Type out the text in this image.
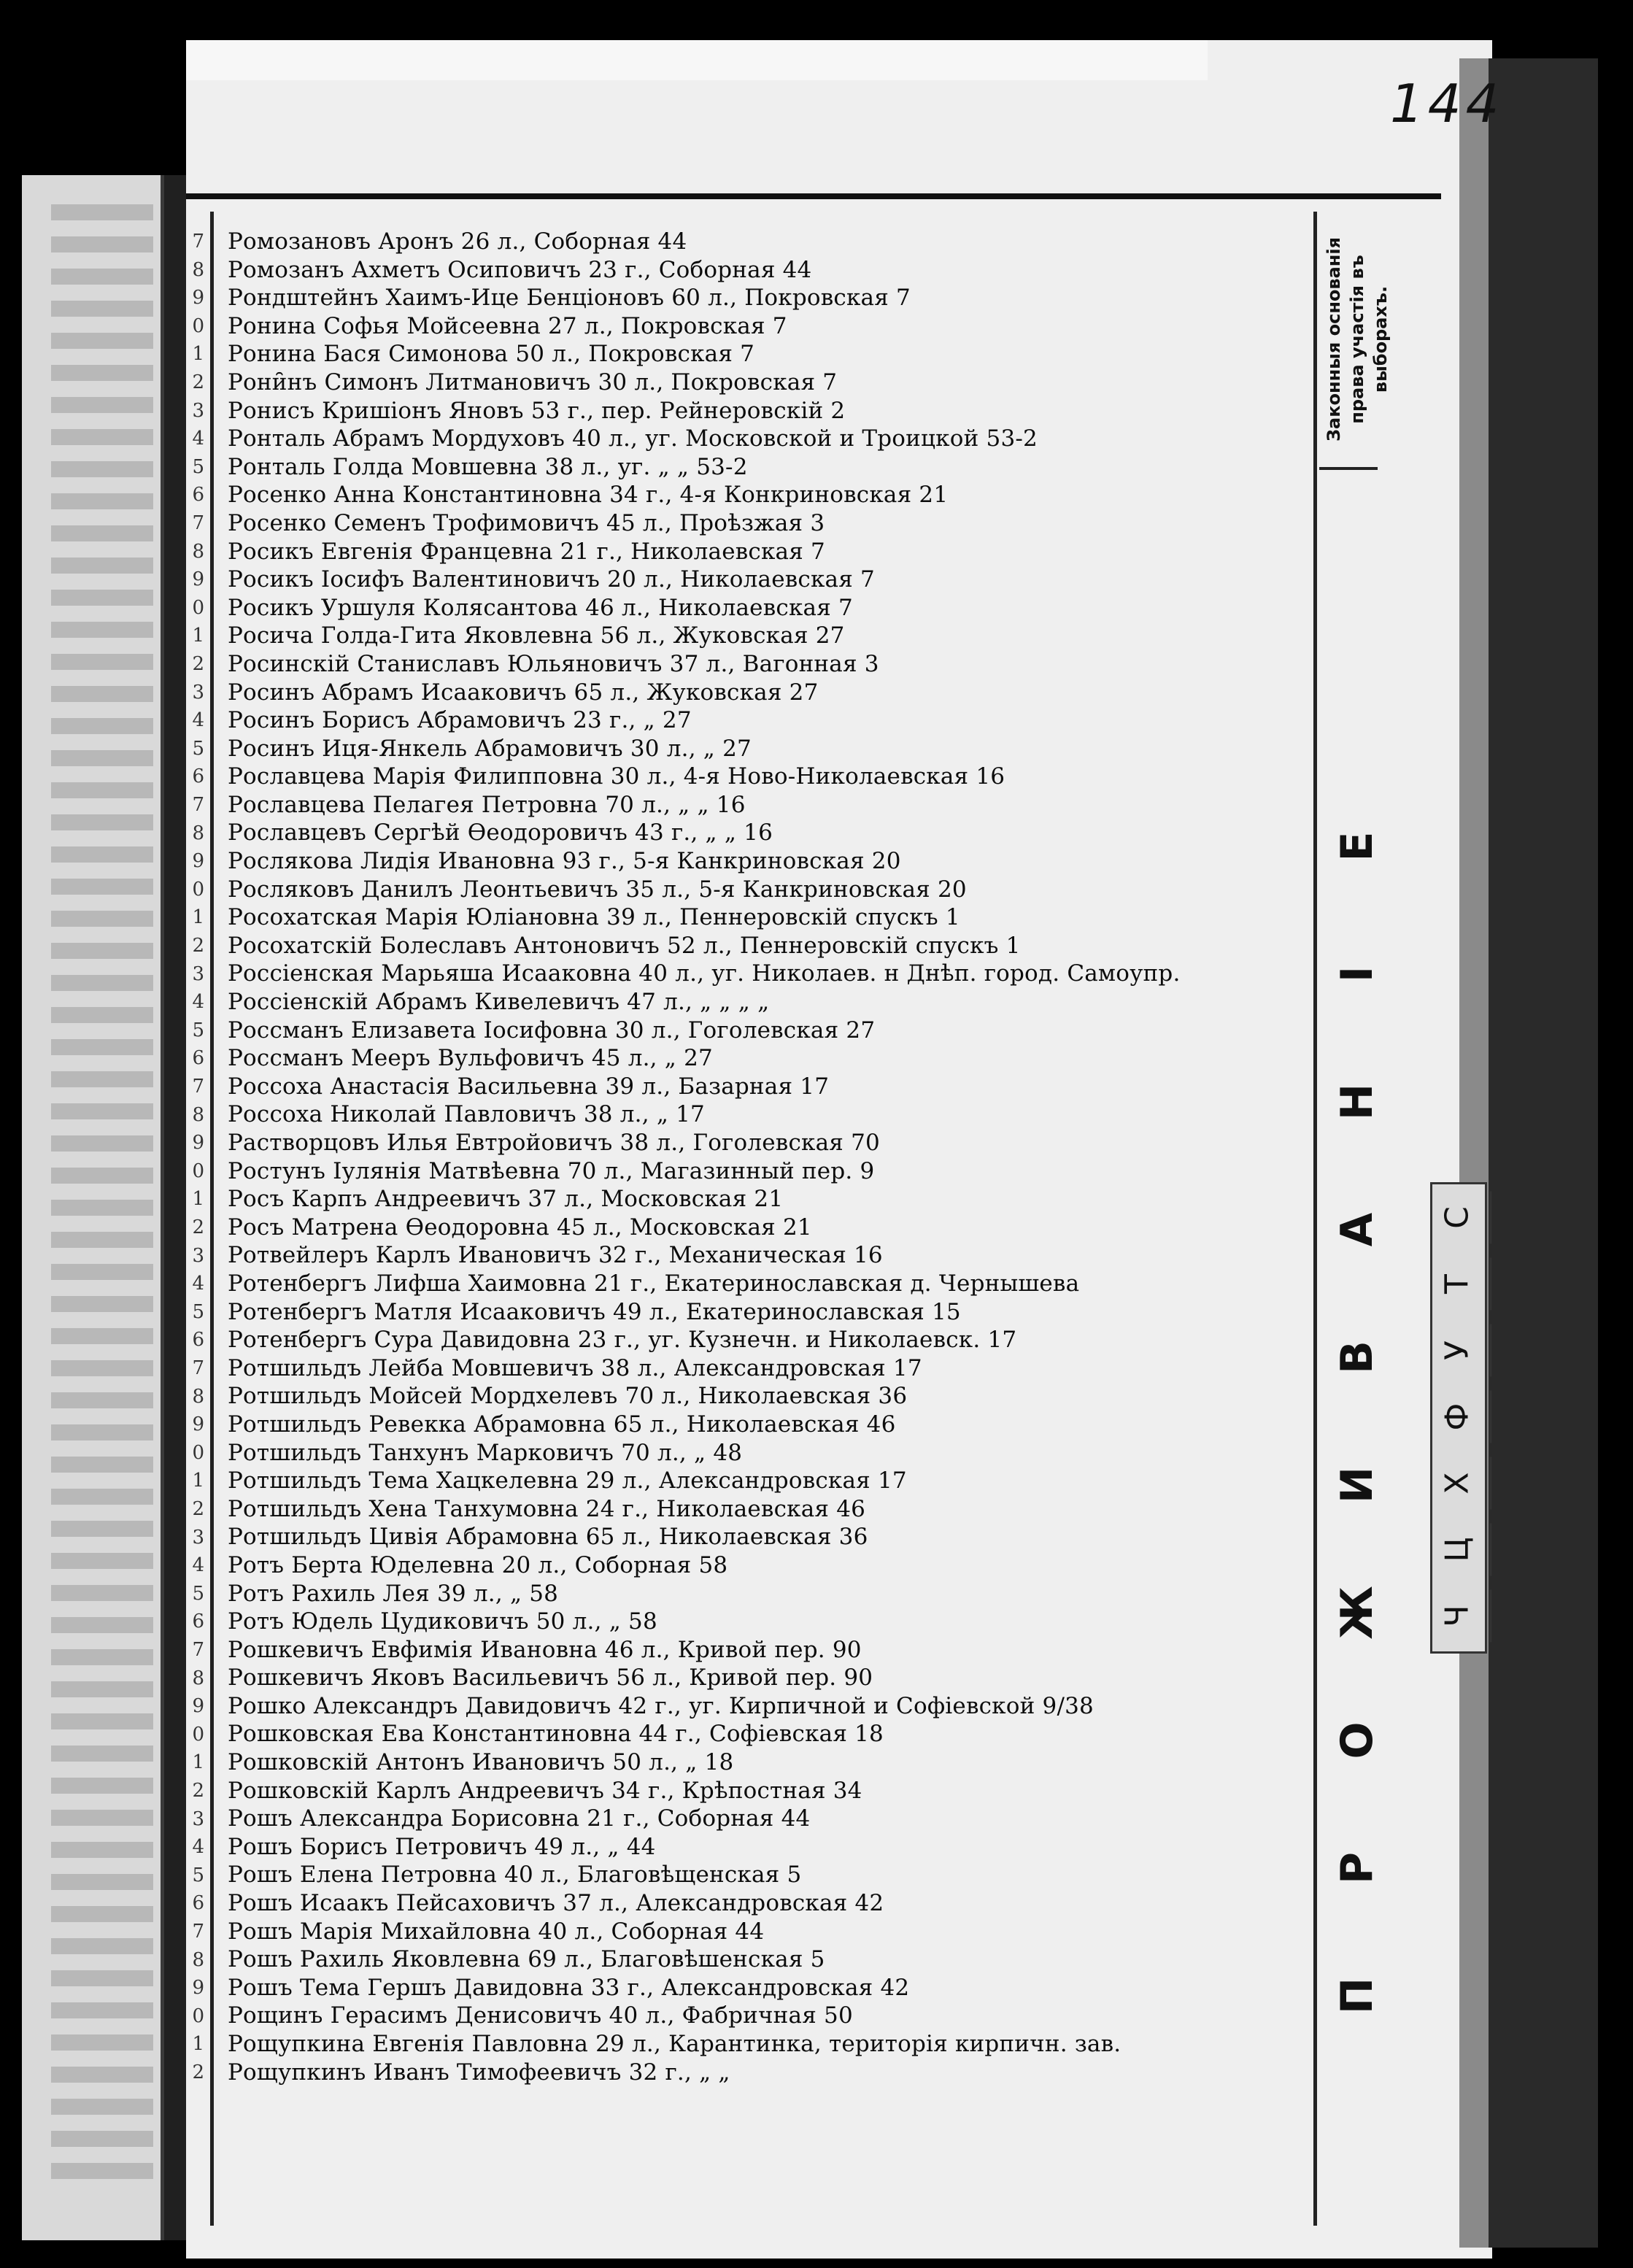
144
7
8
9
0
1
2
3
4
5
6
7
8
9
0
1
2
3
4
5
6
7
8
9
0
1
2
3
4
5
6
7
8
9
0
1
2
3
4
5
6
7
8
9
0
1
2
3
4
5
6
7
8
9
0
1
2
3
4
5
6
7
8
9
0
1
2
Ромозановъ Аронъ 26 л., Соборная 44
Ромозанъ Ахметъ Осиповичъ 23 г., Соборная 44
Рондштейнъ Хаимъ-Ице Бенціоновъ 60 л., Покровская 7
Ронина Софья Мойсеевна 27 л., Покровская 7
Ронина Бася Симонова 50 л., Покровская 7
Рони̑нъ Симонъ Литмановичъ 30 л., Покровская 7
Ронисъ Кришіонъ Яновъ 53 г., пер. Рейнеровскій 2
Ронталь Абрамъ Мордуховъ 40 л., уг. Московской и Троицкой 53-2
Ронталь Голда Мовшевна 38 л., уг. „ „ 53-2
Росенко Анна Константиновна 34 г., 4-я Конкриновская 21
Росенко Семенъ Трофимовичъ 45 л., Проѣзжая 3
Росикъ Евгенія Францевна 21 г., Николаевская 7
Росикъ Іосифъ Валентиновичъ 20 л., Николаевская 7
Росикъ Уршуля Колясантова 46 л., Николаевская 7
Росича Голда-Гита Яковлевна 56 л., Жуковская 27
Росинскій Станиславъ Юльяновичъ 37 л., Вагонная 3
Росинъ Абрамъ Исааковичъ 65 л., Жуковская 27
Росинъ Борисъ Абрамовичъ 23 г., „ 27
Росинъ Иця-Янкель Абрамовичъ 30 л., „ 27
Рославцева Марія Филипповна 30 л., 4-я Ново-Николаевская 16
Рославцева Пелагея Петровна 70 л., „ „ 16
Рославцевъ Сергѣй Ѳеодоровичъ 43 г., „ „ 16
Рослякова Лидія Ивановна 93 г., 5-я Канкриновская 20
Росляковъ Данилъ Леонтьевичъ 35 л., 5-я Канкриновская 20
Росохатская Марія Юліановна 39 л., Пеннеровскій спускъ 1
Росохатскій Болеславъ Антоновичъ 52 л., Пеннеровскій спускъ 1
Россіенская Марьяша Исааковна 40 л., уг. Николаев. н Днѣп. город. Самоупр.
Россіенскій Абрамъ Кивелевичъ 47 л., „ „ „ „
Россманъ Елизавета Іосифовна 30 л., Гоголевская 27
Россманъ Мееръ Вульфовичъ 45 л., „ 27
Россоха Анастасія Васильевна 39 л., Базарная 17
Россоха Николай Павловичъ 38 л., „ 17
Растворцовъ Илья Евтройовичъ 38 л., Гоголевская 70
Ростунъ Іулянія Матвѣевна 70 л., Магазинный пер. 9
Росъ Карпъ Андреевичъ 37 л., Московская 21
Росъ Матрена Ѳеодоровна 45 л., Московская 21
Ротвейлеръ Карлъ Ивановичъ 32 г., Механическая 16
Ротенбергъ Лифша Хаимовна 21 г., Екатеринославская д. Чернышева
Ротенбергъ Матля Исааковичъ 49 л., Екатеринославская 15
Ротенбергъ Сура Давидовна 23 г., уг. Кузнечн. и Николаевск. 17
Ротшильдъ Лейба Мовшевичъ 38 л., Александровская 17
Ротшильдъ Мойсей Мордхелевъ 70 л., Николаевская 36
Ротшильдъ Ревекка Абрамовна 65 л., Николаевская 46
Ротшильдъ Танхунъ Марковичъ 70 л., „ 48
Ротшильдъ Тема Хацкелевна 29 л., Александровская 17
Ротшильдъ Хена Танхумовна 24 г., Николаевская 46
Ротшильдъ Цивія Абрамовна 65 л., Николаевская 36
Ротъ Берта Юделевна 20 л., Соборная 58
Ротъ Рахиль Лея 39 л., „ 58
Ротъ Юдель Цудиковичъ 50 л., „ 58
Рошкевичъ Евфимія Ивановна 46 л., Кривой пер. 90
Рошкевичъ Яковъ Васильевичъ 56 л., Кривой пер. 90
Рошко Александръ Давидовичъ 42 г., уг. Кирпичной и Софіевской 9/38
Рошковская Ева Константиновна 44 г., Софіевская 18
Рошковскій Антонъ Ивановичъ 50 л., „ 18
Рошковскій Карлъ Андреевичъ 34 г., Крѣпостная 34
Рошъ Александра Борисовна 21 г., Соборная 44
Рошъ Борисъ Петровичъ 49 л., „ 44
Рошъ Елена Петровна 40 л., Благовѣщенская 5
Рошъ Исаакъ Пейсаховичъ 37 л., Александровская 42
Рошъ Марія Михайловна 40 л., Соборная 44
Рошъ Рахиль Яковлевна 69 л., Благовѣшенская 5
Рошъ Тема Гершъ Давидовна 33 г., Александровская 42
Рощинъ Герасимъ Денисовичъ 40 л., Фабричная 50
Рощупкина Евгенія Павловна 29 л., Карантинка, територія кирпичн. зав.
Рощупкинъ Иванъ Тимофеевичъ 32 г., „ „
Законныя основанія права участія въ выборахъ.
П
Р
О
Ж
И
В
А
Н
І
Е
С
Т
У
Ф
Х
Ц
Ч
